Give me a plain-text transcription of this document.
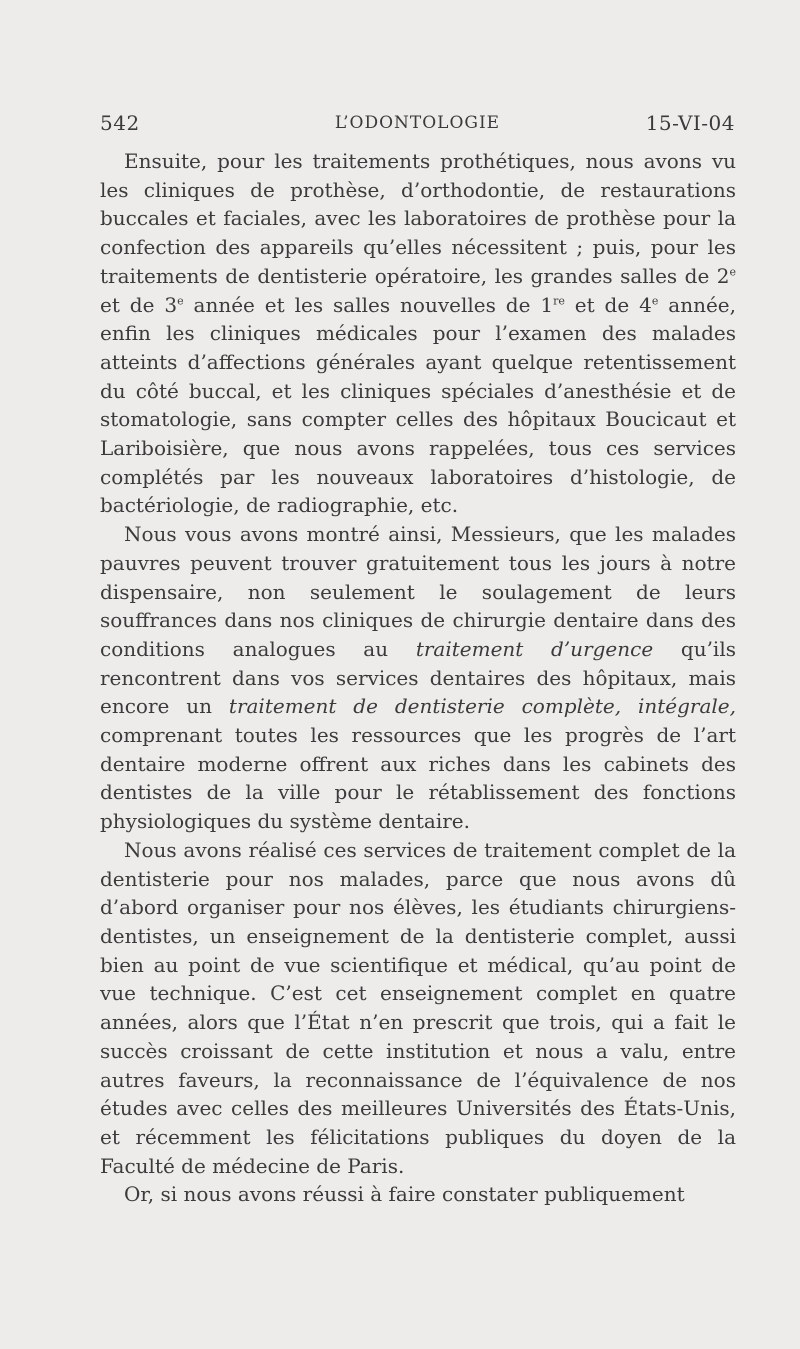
542	L’ODONTOLOGIE	15-VI-04

Ensuite, pour les traitements prothétiques, nous avons vu les cliniques de prothèse, d’orthodontie, de restaurations buccales et faciales, avec les laboratoires de prothèse pour la confection des appareils qu’elles nécessitent ; puis, pour les traitements de dentisterie opératoire, les grandes salles de 2e et de 3e année et les salles nouvelles de 1re et de 4e année, enfin les cliniques médicales pour l’examen des malades atteints d’affections générales ayant quelque retentissement du côté buccal, et les cliniques spéciales d’anesthésie et de stomatologie, sans compter celles des hôpitaux Boucicaut et Lariboisière, que nous avons rappelées, tous ces services complétés par les nouveaux laboratoires d’histologie, de bactériologie, de radiographie, etc.

Nous vous avons montré ainsi, Messieurs, que les malades pauvres peuvent trouver gratuitement tous les jours à notre dispensaire, non seulement le soulagement de leurs souffrances dans nos cliniques de chirurgie dentaire dans des conditions analogues au traitement d’urgence qu’ils rencontrent dans vos services dentaires des hôpitaux, mais encore un traitement de dentisterie complète, intégrale, comprenant toutes les ressources que les progrès de l’art dentaire moderne offrent aux riches dans les cabinets des dentistes de la ville pour le rétablissement des fonctions physiologiques du système dentaire.

Nous avons réalisé ces services de traitement complet de la dentisterie pour nos malades, parce que nous avons dû d’abord organiser pour nos élèves, les étudiants chirurgiens-dentistes, un enseignement de la dentisterie complet, aussi bien au point de vue scientifique et médical, qu’au point de vue technique. C’est cet enseignement complet en quatre années, alors que l’État n’en prescrit que trois, qui a fait le succès croissant de cette institution et nous a valu, entre autres faveurs, la reconnaissance de l’équivalence de nos études avec celles des meilleures Universités des États-Unis, et récemment les félicitations publiques du doyen de la Faculté de médecine de Paris.

Or, si nous avons réussi à faire constater publiquement
